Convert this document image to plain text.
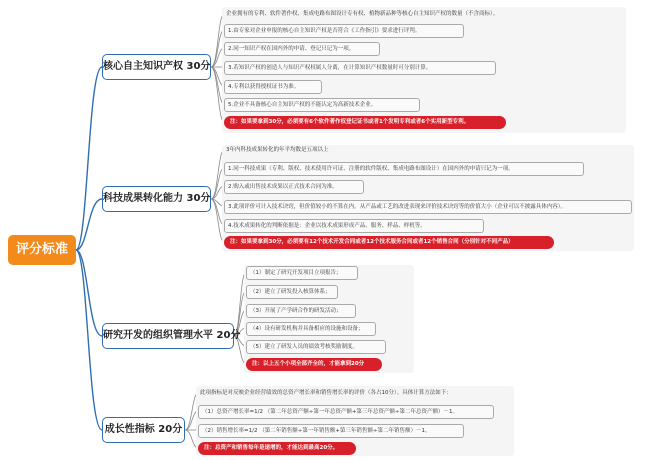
评分标准
核心自主知识产权 30分
科技成果转化能力 30分
研究开发的组织管理水平 20分
成长性指标 20分
企业拥有的专利、软件著作权、集成电路布图设计专有权、植物新品种等核心自主知识产权的数量（不含商标）。
1.由专家对企业申报的核心自主知识产权是否符合《工作指引》要求进行评判。
2.同一知识产权在国内外的申请、登记只记为一项。
3.若知识产权的创造人与知识产权权属人分离，在计算知识产权数量时可分别计算。
4.专利以获得授权证书为准。
5.企业不具备核心自主知识产权的不能认定为高新技术企业。
注：如果要拿到30分，必须要有6个软件著作权登记证书或者1个发明专利或者6个实用新型专利。
3年内科技成果转化的年平均数是五项以上
1.同一科技成果（专利、版权、技术使用许可证、注册的软件版权、集成电路布图设计）在国内外的申请只记为一项。
2.购入或出售技术成果以正式技术合同为准。
3.此项评价可计入技术诀窍，但价值较小的不算在内。从产品或工艺的改进表现来评价技术诀窍等的价值大小（企业可以不披露具体内容）。
4.技术成果转化的判断依据是：企业以技术成果形成产品、服务、样品、样机等。
注：如果要拿到30分，必须要有12个技术开发合同或者12个技术服务合同或者12个销售合同（分别针对不同产品）
（1）制定了研究开发项目立项报告；
（2）建立了研发投入核算体系；
（3）开展了产学研合作的研发活动；
（4）设有研发机构并具备相应的设施和设备；
（5）建立了研发人员的绩效考核奖励制度。
注：以上五个小项全部齐全的，才能拿到20分
此项指标是对反映企业经营绩效的总资产增长率和销售增长率的评价（各占10分）。具体计算方法如下：
（1）总资产增长率=1/2 （第二年总资产额÷第一年总资产额+第三年总资产额÷第二年总资产额）－1。
（2）销售增长率=1/2 （第二年销售额÷第一年销售额+第三年销售额÷第二年销售额）－1。
注：总资产和销售每年是递增的，才能达到最高20分。
